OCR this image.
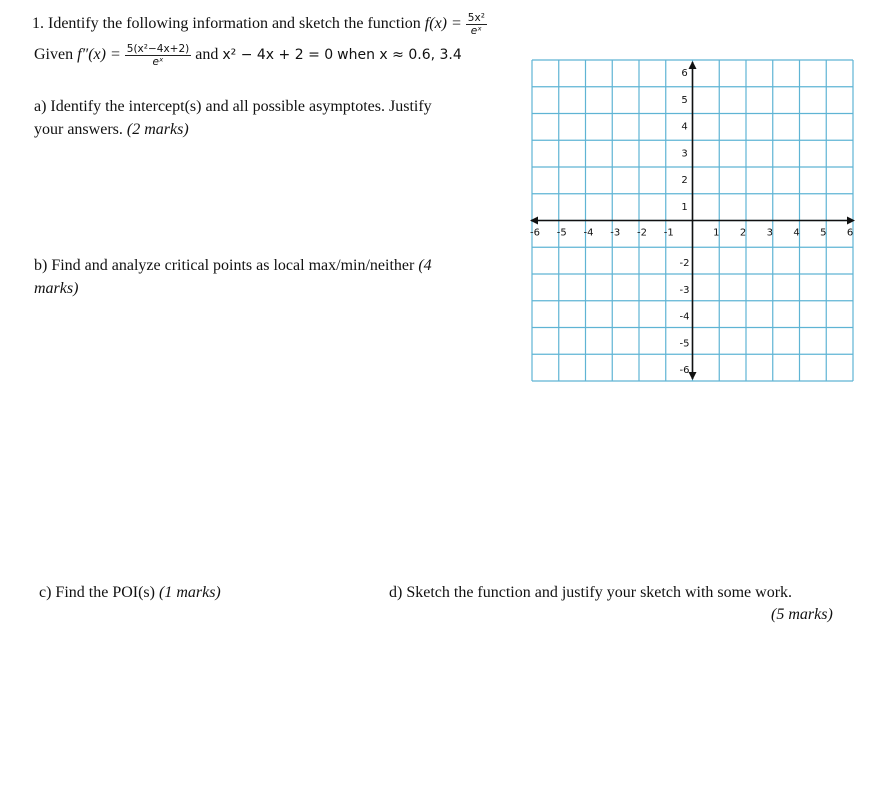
1. Identify the following information and sketch the function $f(x) = \frac{\text{5x²}}{\text{eˣ}}$
Given $f''(x) = \frac{\text{5(x²−4x+2)}}{\text{eˣ}}$ and x² − 4x + 2 = 0 when x ≈ 0.6, 3.4
a) Identify the intercept(s) and all possible asymptotes. Justify
your answers. (2 marks)
b) Find and analyze critical points as local max/min/neither (4
marks)
c) Find the POI(s) (1 marks)	d) Sketch the function and justify your sketch with some work.
(5 marks)
-6 -5 -4 -3 -2 -1	1 2 3 4 5 6
1
2
3
4
5
6
-2
-3
-4
-5
-6
